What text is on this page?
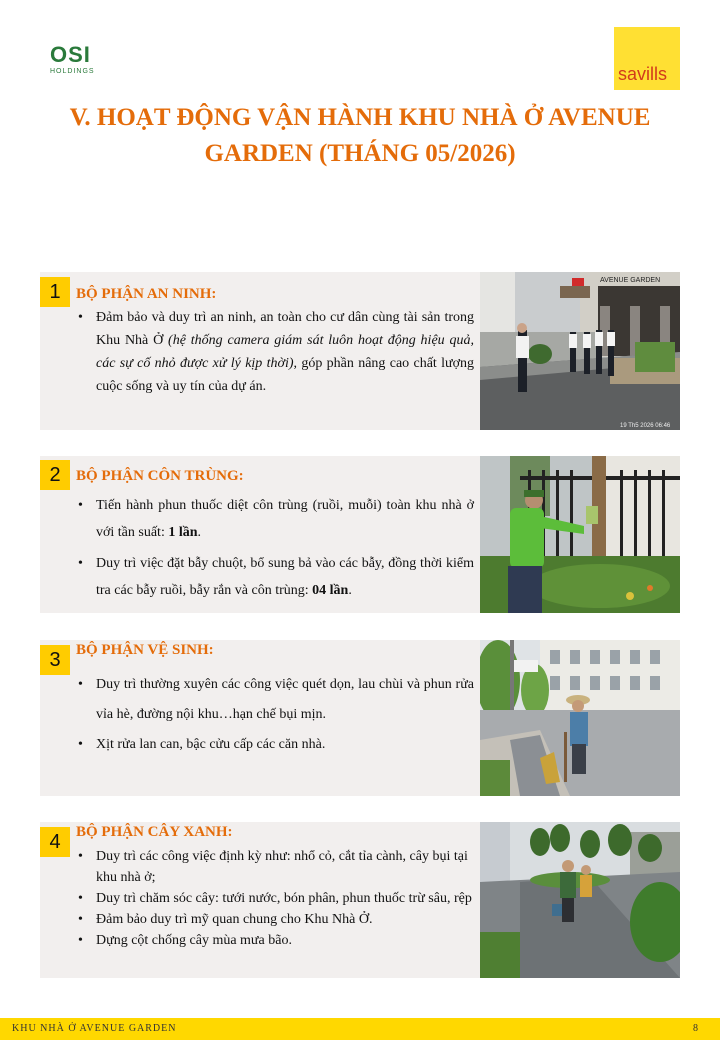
OSI
HOLDINGS	savills
V. HOẠT ĐỘNG VẬN HÀNH KHU NHÀ Ở AVENUE
GARDEN (THÁNG 05/2026)
1	BỘ PHẬN AN NINH:
• Đảm bảo và duy trì an ninh, an toàn cho cư dân cùng tài sản trong Khu Nhà Ở (hệ thống camera giám sát luôn hoạt động hiệu quả, các sự cố nhỏ được xử lý kịp thời), góp phần nâng cao chất lượng cuộc sống và uy tín của dự án.
AVENUE GARDEN
19 Th5 2026 06:46
2	BỘ PHẬN CÔN TRÙNG:
• Tiến hành phun thuốc diệt côn trùng (ruồi, muỗi) toàn khu nhà ở với tần suất: 1 lần.
• Duy trì việc đặt bẫy chuột, bổ sung bả vào các bẫy, đồng thời kiểm tra các bẫy ruồi, bẫy rắn và côn trùng: 04 lần.
3	BỘ PHẬN VỆ SINH:
• Duy trì thường xuyên các công việc quét dọn, lau chùi và phun rửa vỉa hè, đường nội khu…hạn chế bụi mịn.
• Xịt rửa lan can, bậc cửu cấp các căn nhà.
4	BỘ PHẬN CÂY XANH:
• Duy trì các công việc định kỳ như: nhổ cỏ, cắt tỉa cành, cây bụi tại khu nhà ở;
• Duy trì chăm sóc cây: tưới nước, bón phân, phun thuốc trừ sâu, rệp
• Đảm bảo duy trì mỹ quan chung cho Khu Nhà Ở.
• Dựng cột chống cây mùa mưa bão.
KHU NHÀ Ở AVENUE GARDEN	8
